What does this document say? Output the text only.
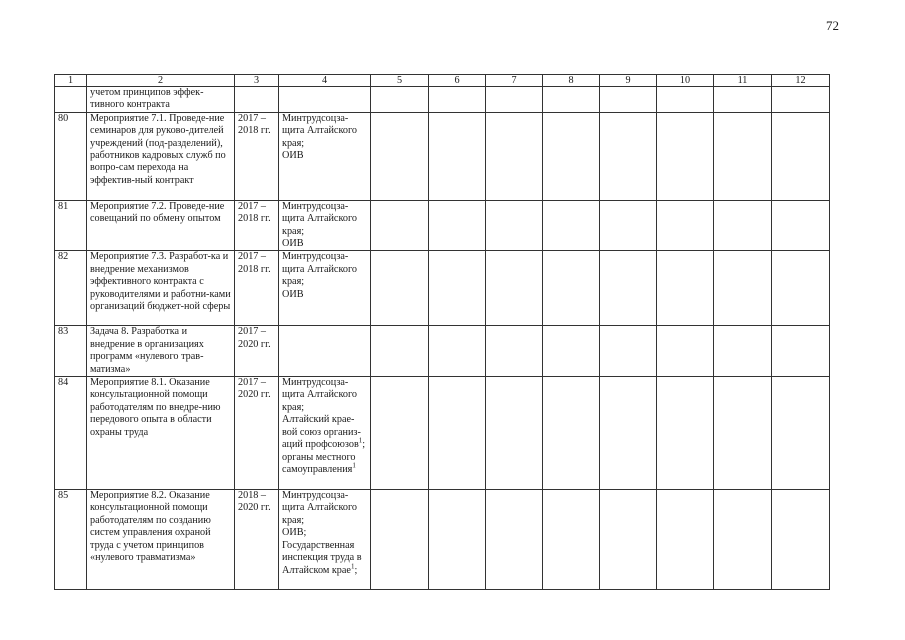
72
1	2	3	4	5	6	7	8	9	10	11	12
	учетом принципов эффек-тивного контракта										
80	Мероприятие 7.1. Проведе-ние семинаров для руково-дителей учреждений (под-разделений), работников кадровых служб по вопро-сам перехода на эффектив-ный контракт	2017 –
2018 гг.	Минтрудсоцза-щита Алтайского края;
ОИВ								

81	Мероприятие 7.2. Проведе-ние совещаний по обмену опытом	2017 –
2018 гг.	Минтрудсоцза-щита Алтайского края;
ОИВ								

82	Мероприятие 7.3. Разработ-ка и внедрение механизмов эффективного контракта с руководителями и работни-ками организаций бюджет-ной сферы	2017 –
2018 гг.	Минтрудсоцза-щита Алтайского края;
ОИВ								

83	Задача 8. Разработка и внедрение в организациях программ «нулевого трав-матизма»	2017 –
2020 гг.									

84	Мероприятие 8.1. Оказание консультационной помощи работодателям по внедре-нию передового опыта в области охраны труда	2017 –
2020 гг.	Минтрудсоцза-щита Алтайского края;
Алтайский крае-вой союз организ-аций профсоюзов$^1$;
органы местного самоуправления$^1$

85	Мероприятие 8.2. Оказание консультационной помощи работодателям по созданию систем управления охраной труда с учетом принципов «нулевого травматизма»	2018 –
2020 гг.	Минтрудсоцза-щита Алтайского края;
ОИВ;
Государственная инспекция труда в Алтайском крае$^1$;								
